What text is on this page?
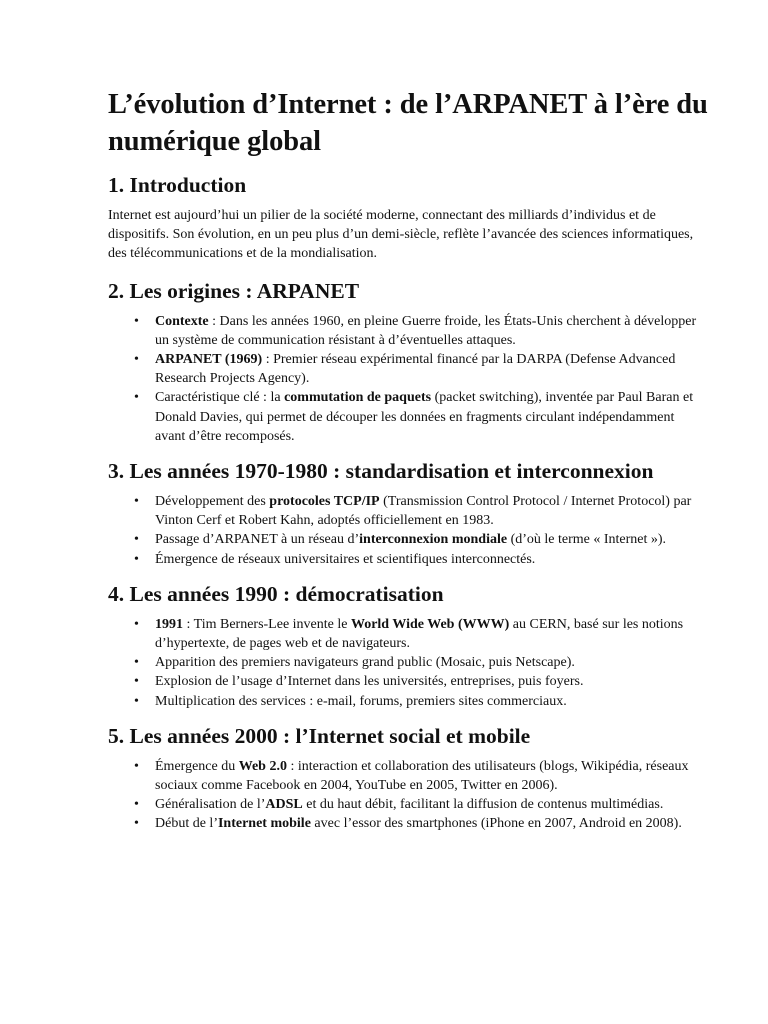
L’évolution d’Internet : de l’ARPANET à l’ère du numérique global
1. Introduction

Internet est aujourd’hui un pilier de la société moderne, connectant des milliards d’individus et de dispositifs. Son évolution, en un peu plus d’un demi-siècle, reflète l’avancée des sciences informatiques, des télécommunications et de la mondialisation.

2. Les origines : ARPANET
• Contexte : Dans les années 1960, en pleine Guerre froide, les États-Unis cherchent à développer un système de communication résistant à d’éventuelles attaques.
• ARPANET (1969) : Premier réseau expérimental financé par la DARPA (Defense Advanced Research Projects Agency).
• Caractéristique clé : la commutation de paquets (packet switching), inventée par Paul Baran et Donald Davies, qui permet de découper les données en fragments circulant indépendamment avant d’être recomposés.
3. Les années 1970-1980 : standardisation et interconnexion
• Développement des protocoles TCP/IP (Transmission Control Protocol / Internet Protocol) par Vinton Cerf et Robert Kahn, adoptés officiellement en 1983.
• Passage d’ARPANET à un réseau d’interconnexion mondiale (d’où le terme « Internet »).
• Émergence de réseaux universitaires et scientifiques interconnectés.
4. Les années 1990 : démocratisation
• 1991 : Tim Berners-Lee invente le World Wide Web (WWW) au CERN, basé sur les notions d’hypertexte, de pages web et de navigateurs.
• Apparition des premiers navigateurs grand public (Mosaic, puis Netscape).
• Explosion de l’usage d’Internet dans les universités, entreprises, puis foyers.
• Multiplication des services : e-mail, forums, premiers sites commerciaux.
5. Les années 2000 : l’Internet social et mobile
• Émergence du Web 2.0 : interaction et collaboration des utilisateurs (blogs, Wikipédia, réseaux sociaux comme Facebook en 2004, YouTube en 2005, Twitter en 2006).
• Généralisation de l’ADSL et du haut débit, facilitant la diffusion de contenus multimédias.
• Début de l’Internet mobile avec l’essor des smartphones (iPhone en 2007, Android en 2008).
